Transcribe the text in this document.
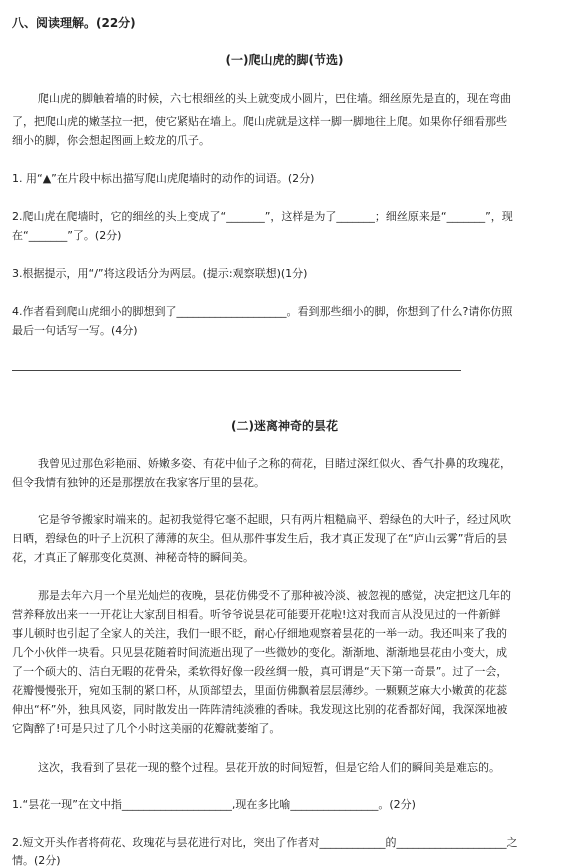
八、阅读理解。(22分)
(一)爬山虎的脚(节选)
爬山虎的脚触着墙的时候，六七根细丝的头上就变成小圆片，巴住墙。细丝原先是直的，现在弯曲
了，把爬山虎的嫩茎拉一把，使它紧贴在墙上。爬山虎就是这样一脚一脚地往上爬。如果你仔细看那些
细小的脚，你会想起图画上蛟龙的爪子。
1. 用“▲”在片段中标出描写爬山虎爬墙时的动作的词语。(2分)
2.爬山虎在爬墙时，它的细丝的头上变成了“_______”，这样是为了_______；细丝原来是“_______”，现
在“_______”了。(2分)
3.根据提示，用“/”将这段话分为两层。(提示:观察联想)(1分)
4.作者看到爬山虎细小的脚想到了____________________。看到那些细小的脚，你想到了什么?请你仿照
最后一句话写一写。(4分)
(二)迷离神奇的昙花
我曾见过那色彩艳丽、娇嫩多姿、有花中仙子之称的荷花，目睹过深红似火、香气扑鼻的玫瑰花，
但令我情有独钟的还是那摆放在我家客厅里的昙花。
它是爷爷搬家时端来的。起初我觉得它毫不起眼，只有两片粗糙扁平、碧绿色的大叶子，经过风吹
日晒，碧绿色的叶子上沉积了薄薄的灰尘。但从那件事发生后，我才真正发现了在“庐山云雾”背后的昙
花，才真正了解那变化莫测、神秘奇特的瞬间美。
那是去年六月一个星光灿烂的夜晚，昙花仿佛受不了那种被冷淡、被忽视的感觉，决定把这几年的
营养释放出来一一开花让大家刮目相看。听爷爷说昙花可能要开花啦!这对我而言从没见过的一件新鲜
事儿顿时也引起了全家人的关注，我们一眼不眨，耐心仔细地观察着昙花的一举一动。我还叫来了我的
几个小伙伴一块看。只见昙花随着时间流逝出现了一些微妙的变化。渐渐地、渐渐地昙花由小变大，成
了一个硕大的、洁白无暇的花骨朵，柔软得好像一段丝绸一般，真可谓是“天下第一奇景”。过了一会，
花瓣慢慢张开，宛如玉制的紧口杯，从顶部望去，里面仿佛飘着层层薄纱。一颗颗芝麻大小嫩黄的花蕊
伸出“杯”外，独具风姿，同时散发出一阵阵清纯淡雅的香味。我发现这比别的花香都好闻，我深深地被
它陶醉了!可是只过了几个小时这美丽的花瓣就萎缩了。
这次，我看到了昙花一现的整个过程。昙花开放的时间短暂，但是它给人们的瞬间美是难忘的。
1.“昙花一现”在文中指____________________,现在多比喻________________。(2分)
2.短文开头作者将荷花、玫瑰花与昙花进行对比，突出了作者对____________的____________________之
情。(2分)
